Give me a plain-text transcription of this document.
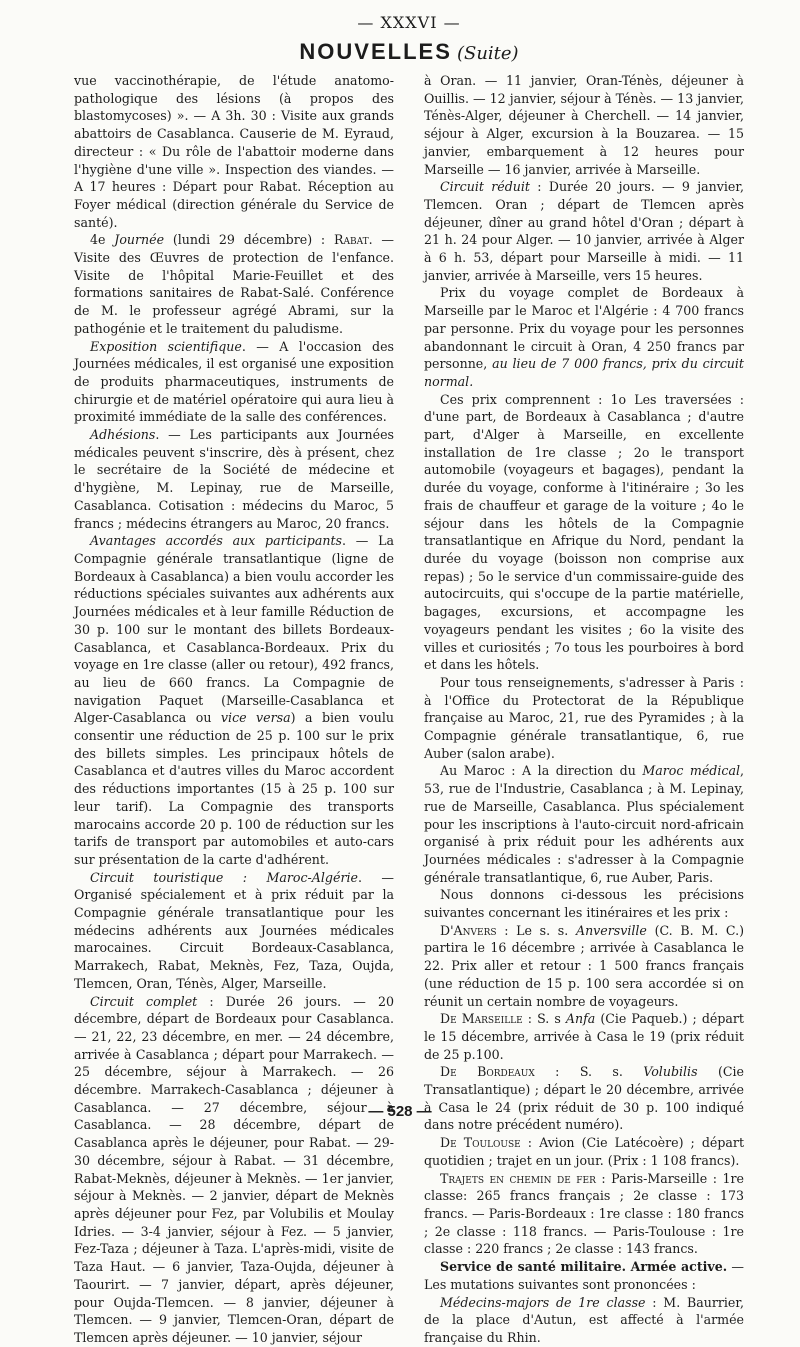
— XXXVI —
NOUVELLES (Suite)

vue vaccinothérapie, de l'étude anatomo-pathologique des lésions (à propos des blastomycoses) ». — A 3h. 30 : Visite aux grands abattoirs de Casablanca. Causerie de M. Eyraud, directeur : « Du rôle de l'abattoir moderne dans l'hygiène d'une ville ». Inspection des viandes. — A 17 heures : Départ pour Rabat. Réception au Foyer médical (direction générale du Service de santé).

4e Journée (lundi 29 décembre) : Rabat. — Visite des Œuvres de protection de l'enfance. Visite de l'hôpital Marie-Feuillet et des formations sanitaires de Rabat-Salé. Conférence de M. le professeur agrégé Abrami, sur la pathogénie et le traitement du paludisme.

Exposition scientifique. — A l'occasion des Journées médicales, il est organisé une exposition de produits pharmaceutiques, instruments de chirurgie et de matériel opératoire qui aura lieu à proximité immédiate de la salle des conférences.

Adhésions. — Les participants aux Journées médicales peuvent s'inscrire, dès à présent, chez le secrétaire de la Société de médecine et d'hygiène, M. Lepinay, rue de Marseille, Casablanca. Cotisation : médecins du Maroc, 5 francs ; médecins étrangers au Maroc, 20 francs.

Avantages accordés aux participants. — La Compagnie générale transatlantique (ligne de Bordeaux à Casablanca) a bien voulu accorder les réductions spéciales suivantes aux adhérents aux Journées médicales et à leur famille Réduction de 30 p. 100 sur le montant des billets Bordeaux-Casablanca, et Casablanca-Bordeaux. Prix du voyage en 1re classe (aller ou retour), 492 francs, au lieu de 660 francs. La Compagnie de navigation Paquet (Marseille-Casablanca et Alger-Casablanca ou vice versa) a bien voulu consentir une réduction de 25 p. 100 sur le prix des billets simples. Les principaux hôtels de Casablanca et d'autres villes du Maroc accordent des réductions importantes (15 à 25 p. 100 sur leur tarif). La Compagnie des transports marocains accorde 20 p. 100 de réduction sur les tarifs de transport par automobiles et auto-cars sur présentation de la carte d'adhérent.

Circuit touristique : Maroc-Algérie. — Organisé spécialement et à prix réduit par la Compagnie générale transatlantique pour les médecins adhérents aux Journées médicales marocaines. Circuit Bordeaux-Casablanca, Marrakech, Rabat, Meknès, Fez, Taza, Oujda, Tlemcen, Oran, Ténès, Alger, Marseille.

Circuit complet : Durée 26 jours. — 20 décembre, départ de Bordeaux pour Casablanca. — 21, 22, 23 décembre, en mer. — 24 décembre, arrivée à Casablanca ; départ pour Marrakech. — 25 décembre, séjour à Marrakech. — 26 décembre. Marrakech-Casablanca ; déjeuner à Casablanca. — 27 décembre, séjour à Casablanca. — 28 décembre, départ de Casablanca après le déjeuner, pour Rabat. — 29-30 décembre, séjour à Rabat. — 31 décembre, Rabat-Meknès, déjeuner à Meknès. — 1er janvier, séjour à Meknès. — 2 janvier, départ de Meknès après déjeuner pour Fez, par Volubilis et Moulay Idries. — 3-4 janvier, séjour à Fez. — 5 janvier, Fez-Taza ; déjeuner à Taza. L'après-midi, visite de Taza Haut. — 6 janvier, Taza-Oujda, déjeuner à Taourirt. — 7 janvier, départ, après déjeuner, pour Oujda-Tlemcen. — 8 janvier, déjeuner à Tlemcen. — 9 janvier, Tlemcen-Oran, départ de Tlemcen après déjeuner. — 10 janvier, séjour

à Oran. — 11 janvier, Oran-Ténès, déjeuner à Ouillis. — 12 janvier, séjour à Ténès. — 13 janvier, Ténès-Alger, déjeuner à Cherchell. — 14 janvier, séjour à Alger, excursion à la Bouzarea. — 15 janvier, embarquement à 12 heures pour Marseille — 16 janvier, arrivée à Marseille.

Circuit réduit : Durée 20 jours. — 9 janvier, Tlemcen. Oran ; départ de Tlemcen après déjeuner, dîner au grand hôtel d'Oran ; départ à 21 h. 24 pour Alger. — 10 janvier, arrivée à Alger à 6 h. 53, départ pour Marseille à midi. — 11 janvier, arrivée à Marseille, vers 15 heures.

Prix du voyage complet de Bordeaux à Marseille par le Maroc et l'Algérie : 4 700 francs par personne. Prix du voyage pour les personnes abandonnant le circuit à Oran, 4 250 francs par personne, au lieu de 7 000 francs, prix du circuit normal.

Ces prix comprennent : 1o Les traversées : d'une part, de Bordeaux à Casablanca ; d'autre part, d'Alger à Marseille, en excellente installation de 1re classe ; 2o le transport automobile (voyageurs et bagages), pendant la durée du voyage, conforme à l'itinéraire ; 3o les frais de chauffeur et garage de la voiture ; 4o le séjour dans les hôtels de la Compagnie transatlantique en Afrique du Nord, pendant la durée du voyage (boisson non comprise aux repas) ; 5o le service d'un commissaire-guide des autocircuits, qui s'occupe de la partie matérielle, bagages, excursions, et accompagne les voyageurs pendant les visites ; 6o la visite des villes et curiosités ; 7o tous les pourboires à bord et dans les hôtels.

Pour tous renseignements, s'adresser à Paris : à l'Office du Protectorat de la République française au Maroc, 21, rue des Pyramides ; à la Compagnie générale transatlantique, 6, rue Auber (salon arabe).

Au Maroc : A la direction du Maroc médical, 53, rue de l'Industrie, Casablanca ; à M. Lepinay, rue de Marseille, Casablanca. Plus spécialement pour les inscriptions à l'auto-circuit nord-africain organisé à prix réduit pour les adhérents aux Journées médicales : s'adresser à la Compagnie générale transatlantique, 6, rue Auber, Paris.

Nous donnons ci-dessous les précisions suivantes concernant les itinéraires et les prix :

D'Anvers : Le s. s. Anversville (C. B. M. C.) partira le 16 décembre ; arrivée à Casablanca le 22. Prix aller et retour : 1 500 francs français (une réduction de 15 p. 100 sera accordée si on réunit un certain nombre de voyageurs.

De Marseille : S. s Anfa (Cie Paqueb.) ; départ le 15 décembre, arrivée à Casa le 19 (prix réduit de 25 p.100.

De Bordeaux : S. s. Volubilis (Cie Transatlantique) ; départ le 20 décembre, arrivée à Casa le 24 (prix réduit de 30 p. 100 indiqué dans notre précédent numéro).

De Toulouse : Avion (Cie Latécoère) ; départ quotidien ; trajet en un jour. (Prix : 1 108 francs).

Trajets en chemin de fer : Paris-Marseille : 1re classe: 265 francs français ; 2e classe : 173 francs. — Paris-Bordeaux : 1re classe : 180 francs ; 2e classe : 118 francs. — Paris-Toulouse : 1re classe : 220 francs ; 2e classe : 143 francs.

Service de santé militaire. Armée active. — Les mutations suivantes sont prononcées :

Médecins-majors de 1re classe : M. Baurrier, de la place d'Autun, est affecté à l'armée française du Rhin.

— 528 —
